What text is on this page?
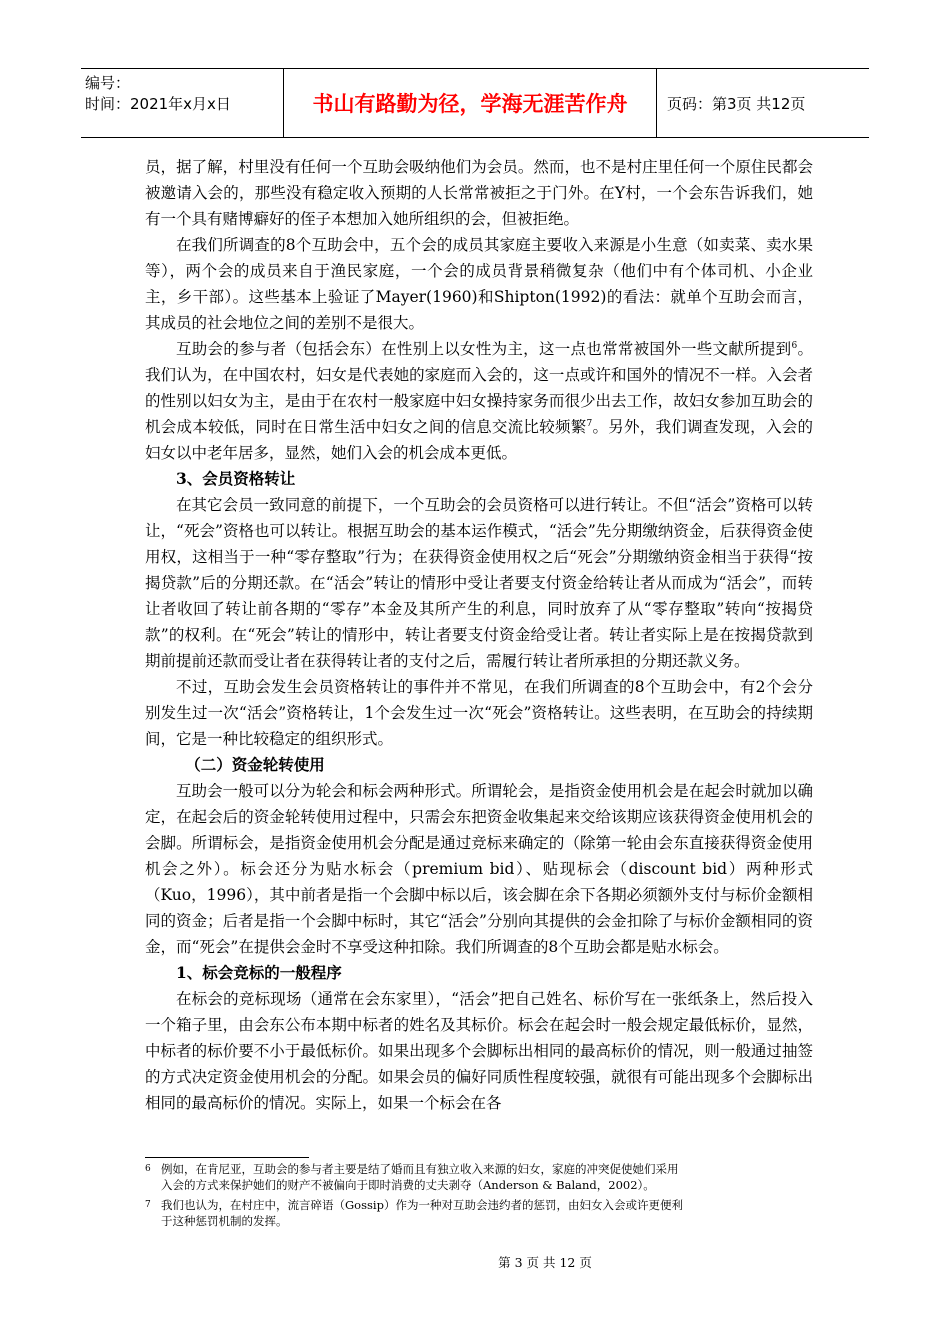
编号：
时间：2021年x月x日	书山有路勤为径，学海无涯苦作舟	页码：第3页 共12页

员，据了解，村里没有任何一个互助会吸纳他们为会员。然而，也不是村庄里任何一个原住民都会被邀请入会的，那些没有稳定收入预期的人长常常被拒之于门外。在Y村，一个会东告诉我们，她有一个具有赌博癖好的侄子本想加入她所组织的会，但被拒绝。

在我们所调查的8个互助会中，五个会的成员其家庭主要收入来源是小生意（如卖菜、卖水果等），两个会的成员来自于渔民家庭，一个会的成员背景稍微复杂（他们中有个体司机、小企业主，乡干部）。这些基本上验证了Mayer(1960)和Shipton(1992)的看法：就单个互助会而言，其成员的社会地位之间的差别不是很大。

互助会的参与者（包括会东）在性别上以女性为主，这一点也常常被国外一些文献所提到$^6$。我们认为，在中国农村，妇女是代表她的家庭而入会的，这一点或许和国外的情况不一样。入会者的性别以妇女为主，是由于在农村一般家庭中妇女操持家务而很少出去工作，故妇女参加互助会的机会成本较低，同时在日常生活中妇女之间的信息交流比较频繁$^7$。另外，我们调查发现，入会的妇女以中老年居多，显然，她们入会的机会成本更低。

3、会员资格转让

在其它会员一致同意的前提下，一个互助会的会员资格可以进行转让。不但“活会”资格可以转让，“死会”资格也可以转让。根据互助会的基本运作模式，“活会”先分期缴纳资金，后获得资金使用权，这相当于一种“零存整取”行为；在获得资金使用权之后“死会”分期缴纳资金相当于获得“按揭贷款”后的分期还款。在“活会”转让的情形中受让者要支付资金给转让者从而成为“活会”，而转让者收回了转让前各期的“零存”本金及其所产生的利息，同时放弃了从“零存整取”转向“按揭贷款”的权利。在“死会”转让的情形中，转让者要支付资金给受让者。转让者实际上是在按揭贷款到期前提前还款而受让者在获得转让者的支付之后，需履行转让者所承担的分期还款义务。

不过，互助会发生会员资格转让的事件并不常见，在我们所调查的8个互助会中，有2个会分别发生过一次“活会”资格转让，1个会发生过一次“死会”资格转让。这些表明，在互助会的持续期间，它是一种比较稳定的组织形式。

（二）资金轮转使用

互助会一般可以分为轮会和标会两种形式。所谓轮会，是指资金使用机会是在起会时就加以确定，在起会后的资金轮转使用过程中，只需会东把资金收集起来交给该期应该获得资金使用机会的会脚。所谓标会，是指资金使用机会分配是通过竞标来确定的（除第一轮由会东直接获得资金使用机会之外）。标会还分为贴水标会（premium bid）、贴现标会（discount bid）两种形式（Kuo，1996），其中前者是指一个会脚中标以后，该会脚在余下各期必须额外支付与标价金额相同的资金；后者是指一个会脚中标时，其它“活会”分别向其提供的会金扣除了与标价金额相同的资金，而“死会”在提供会金时不享受这种扣除。我们所调查的8个互助会都是贴水标会。

1、标会竞标的一般程序

在标会的竞标现场（通常在会东家里），“活会”把自己姓名、标价写在一张纸条上，然后投入一个箱子里，由会东公布本期中标者的姓名及其标价。标会在起会时一般会规定最低标价，显然，中标者的标价要不小于最低标价。如果出现多个会脚标出相同的最高标价的情况，则一般通过抽签的方式决定资金使用机会的分配。如果会员的偏好同质性程度较强，就很有可能出现多个会脚标出相同的最高标价的情况。实际上，如果一个标会在各

6 例如，在肯尼亚，互助会的参与者主要是结了婚而且有独立收入来源的妇女，家庭的冲突促使她们采用
入会的方式来保护她们的财产不被偏向于即时消费的丈夫剥夺（Anderson & Baland，2002）。
7 我们也认为，在村庄中，流言碎语（Gossip）作为一种对互助会违约者的惩罚，由妇女入会或许更便利
于这种惩罚机制的发挥。
第 3 页 共 12 页
